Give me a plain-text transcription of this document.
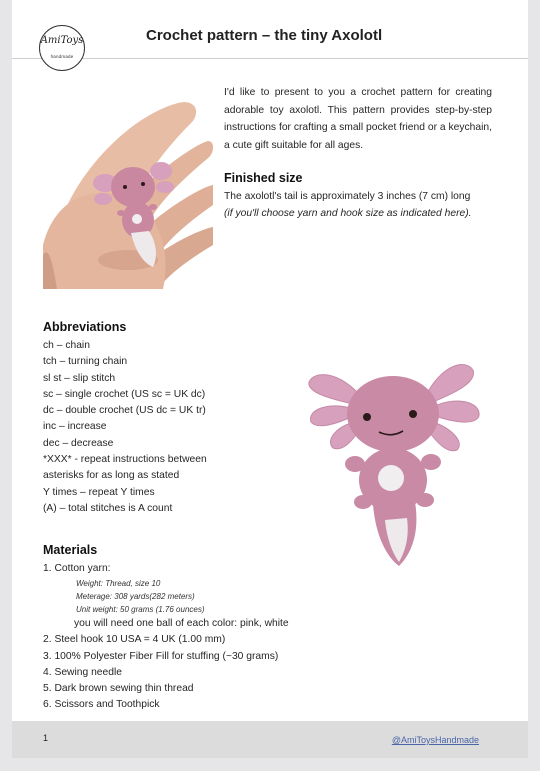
AmiToys
handmade
Crochet pattern – the tiny Axolotl
I'd like to present to you a crochet pattern for creating adorable toy axolotl. This pattern provides step-by-step instructions for crafting a small pocket friend or a keychain, a cute gift suitable for all ages.
Finished size
The axolotl's tail is approximately 3 inches (7 cm) long
(if you'll choose yarn and hook size as indicated here).
Abbreviations
ch – chain
tch – turning chain
sl st – slip stitch
sc – single crochet (US sc = UK dc)
dc – double crochet (US dc = UK tr)
inc – increase
dec – decrease
*XXX* - repeat instructions between
asterisks for as long as stated
Y times – repeat Y times
(A) – total stitches is A count
Materials
1. Cotton yarn:
Weight: Thread, size 10
Meterage: 308 yards(282 meters)
Unit weight: 50 grams (1.76 ounces)
you will need one ball of each color: pink, white
2. Steel hook 10 USA = 4 UK (1.00 mm)
3. 100% Polyester Fiber Fill for stuffing (~30 grams)
4. Sewing needle
5. Dark brown sewing thin thread
6. Scissors and Toothpick
1	@AmiToysHandmade
